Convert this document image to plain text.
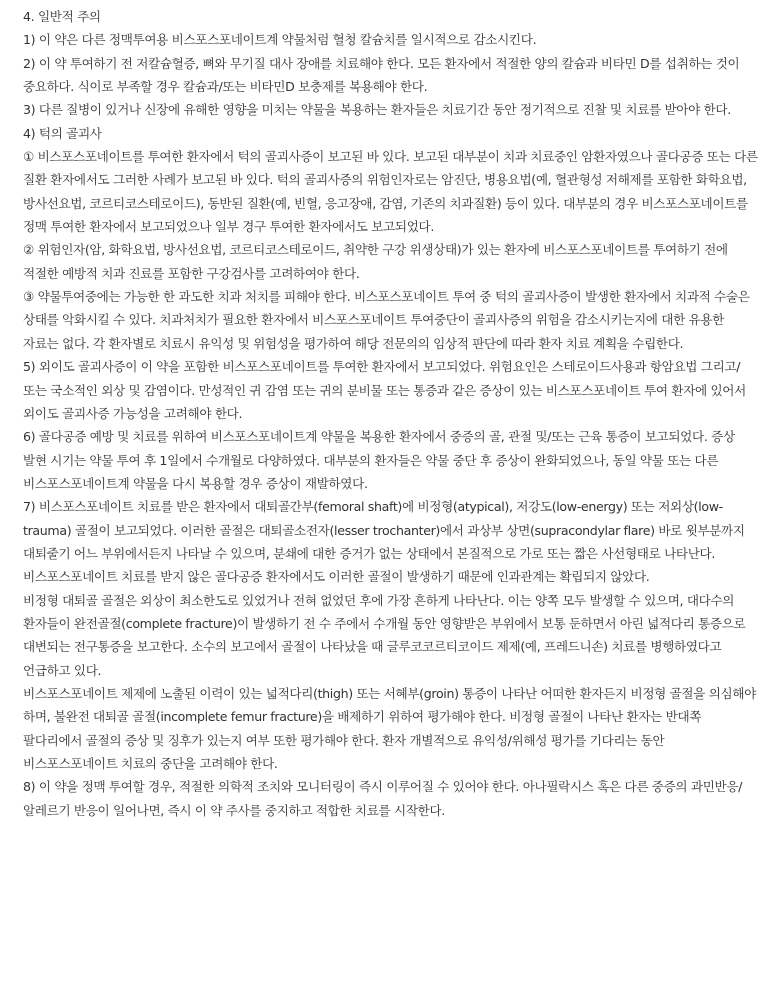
4. 일반적 주의

1) 이 약은 다른 정맥투여용 비스포스포네이트계 약물처럼 혈청 칼슘치를 일시적으로 감소시킨다.

2) 이 약 투여하기 전 저칼슘혈증, 뼈와 무기질 대사 장애를 치료해야 한다. 모든 환자에서 적절한 양의 칼슘과 비타민 D를 섭취하는 것이 중요하다. 식이로 부족할 경우 칼슘과/또는 비타민D 보충제를 복용해야 한다.

3) 다른 질병이 있거나 신장에 유해한 영향을 미치는 약물을 복용하는 환자들은 치료기간 동안 정기적으로 진찰 및 치료를 받아야 한다.

4) 턱의 골괴사

① 비스포스포네이트를 투여한 환자에서 턱의 골괴사증이 보고된 바 있다. 보고된 대부분이 치과 치료중인 암환자였으나 골다공증 또는 다른 질환 환자에서도 그러한 사례가 보고된 바 있다. 턱의 골괴사증의 위험인자로는 암진단, 병용요법(예, 혈관형성 저해제를 포함한 화학요법, 방사선요법, 코르티코스테로이드), 동반된 질환(예, 빈혈, 응고장애, 감염, 기존의 치과질환) 등이 있다. 대부분의 경우 비스포스포네이트를 정맥 투여한 환자에서 보고되었으나 일부 경구 투여한 환자에서도 보고되었다.

② 위험인자(암, 화학요법, 방사선요법, 코르티코스테로이드, 취약한 구강 위생상태)가 있는 환자에 비스포스포네이트를 투여하기 전에 적절한 예방적 치과 진료를 포함한 구강검사를 고려하여야 한다.

③ 약물투여중에는 가능한 한 과도한 치과 처치를 피해야 한다. 비스포스포네이트 투여 중 턱의 골괴사증이 발생한 환자에서 치과적 수술은 상태를 악화시킬 수 있다. 치과처치가 필요한 환자에서 비스포스포네이트 투여중단이 골괴사증의 위험을 감소시키는지에 대한 유용한 자료는 없다. 각 환자별로 치료시 유익성 및 위험성을 평가하여 해당 전문의의 임상적 판단에 따라 환자 치료 계획을 수립한다.

5) 외이도 골괴사증이 이 약을 포함한 비스포스포네이트를 투여한 환자에서 보고되었다. 위험요인은 스테로이드사용과 항암요법 그리고/또는 국소적인 외상 및 감염이다. 만성적인 귀 감염 또는 귀의 분비물 또는 통증과 같은 증상이 있는 비스포스포네이트 투여 환자에 있어서 외이도 골괴사증 가능성을 고려해야 한다.

6) 골다공증 예방 및 치료를 위하여 비스포스포네이트계 약물을 복용한 환자에서 중증의 골, 관절 및/또는 근육 통증이 보고되었다. 증상 발현 시기는 약물 투여 후 1일에서 수개월로 다양하였다. 대부분의 환자들은 약물 중단 후 증상이 완화되었으나, 동일 약물 또는 다른 비스포스포네이트계 약물을 다시 복용할 경우 증상이 재발하였다.

7) 비스포스포네이트 치료를 받은 환자에서 대퇴골간부(femoral shaft)에 비정형(atypical), 저강도(low-energy) 또는 저외상(low-trauma) 골절이 보고되었다. 이러한 골절은 대퇴골소전자(lesser trochanter)에서 과상부 상면(supracondylar flare) 바로 윗부분까지 대퇴줄기 어느 부위에서든지 나타날 수 있으며, 분쇄에 대한 증거가 없는 상태에서 본질적으로 가로 또는 짧은 사선형태로 나타난다. 비스포스포네이트 치료를 받지 않은 골다공증 환자에서도 이러한 골절이 발생하기 때문에 인과관계는 확립되지 않았다.

비정형 대퇴골 골절은 외상이 최소한도로 있었거나 전혀 없었던 후에 가장 흔하게 나타난다. 이는 양쪽 모두 발생할 수 있으며, 대다수의 환자들이 완전골절(complete fracture)이 발생하기 전 수 주에서 수개월 동안 영향받은 부위에서 보통 둔하면서 아린 넓적다리 통증으로 대변되는 전구통증을 보고한다. 소수의 보고에서 골절이 나타났을 때 글루코코르티코이드 제제(예, 프레드니손) 치료를 병행하였다고 언급하고 있다.

비스포스포네이트 제제에 노출된 이력이 있는 넓적다리(thigh) 또는 서혜부(groin) 통증이 나타난 어떠한 환자든지 비정형 골절을 의심해야 하며, 불완전 대퇴골 골절(incomplete femur fracture)을 배제하기 위하여 평가해야 한다. 비정형 골절이 나타난 환자는 반대쪽 팔다리에서 골절의 증상 및 징후가 있는지 여부 또한 평가해야 한다. 환자 개별적으로 유익성/위해성 평가를 기다리는 동안 비스포스포네이트 치료의 중단을 고려해야 한다.

8) 이 약을 정맥 투여할 경우, 적절한 의학적 조치와 모니터링이 즉시 이루어질 수 있어야 한다. 아나필락시스 혹은 다른 중증의 과민반응/알레르기 반응이 일어나면, 즉시 이 약 주사를 중지하고 적합한 치료를 시작한다.
